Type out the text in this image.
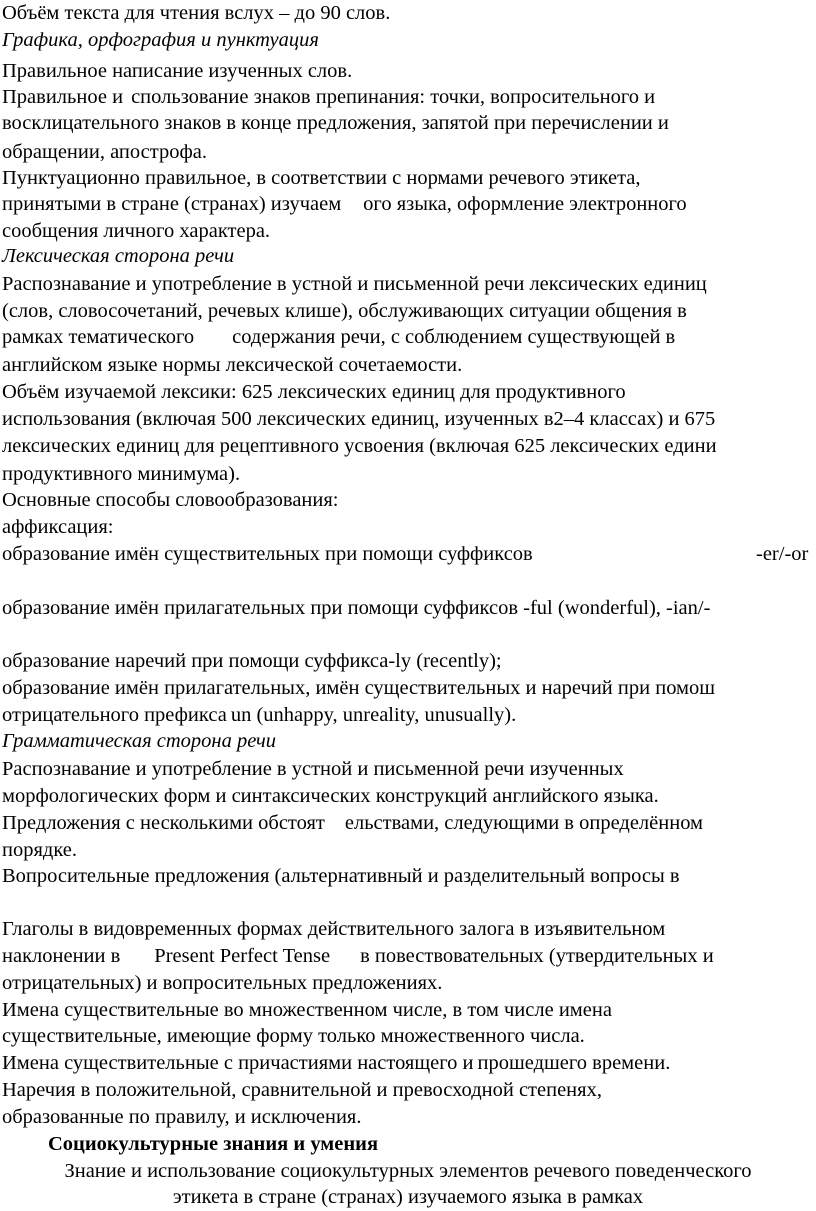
Объём текста для чтения вслух – до 90 слов.
Графика, орфография и пунктуация
Правильное написание изученных слов.
Правильное и спользование знаков препинания: точки, вопросительного и
восклицательного знаков в конце предложения, запятой при перечислении и
обращении, апострофа.
Пунктуационно правильное, в соответствии с нормами речевого этикета,
принятыми в стране (странах) изучаем ого языка, оформление электронного
сообщения личного характера.
Лексическая сторона речи
Распознавание и употребление в устной и письменной речи лексических единиц
(слов, словосочетаний, речевых клише), обслуживающих ситуации общения в
рамках тематического содержания речи, с соблюдением существующей в
английском языке нормы лексической сочетаемости.
Объём изучаемой лексики: 625 лексических единиц для продуктивного
использования (включая 500 лексических единиц, изученных в2–4 классах) и 675
лексических единиц для рецептивного усвоения (включая 625 лексических едини
продуктивного минимума).
Основные способы словообразования:
аффиксация:
образование имён существительных при помощи суффиксов	-er/-or
образование имён прилагательных при помощи суффиксов -ful (wonderful), -ian/-
образование наречий при помощи суффикса-ly (recently);
образование имён прилагательных, имён существительных и наречий при помош
отрицательного префикса un (unhappy, unreality, unusually).
Грамматическая сторона речи
Распознавание и употребление в устной и письменной речи изученных
морфологических форм и синтаксических конструкций английского языка.
Предложения с несколькими обстоят ельствами, следующими в определённом
порядке.
Вопросительные предложения (альтернативный и разделительный вопросы в
Глаголы в видовременных формах действительного залога в изъявительном
наклонении в Present Perfect Tense в повествовательных (утвердительных и
отрицательных) и вопросительных предложениях.
Имена существительные во множественном числе, в том числе имена
существительные, имеющие форму только множественного числа.
Имена существительные с причастиями настоящего и прошедшего времени.
Наречия в положительной, сравнительной и превосходной степенях,
образованные по правилу, и исключения.
Социокультурные знания и умения
Знание и использование социокультурных элементов речевого поведенческого
этикета в стране (странах) изучаемого языка в рамках
